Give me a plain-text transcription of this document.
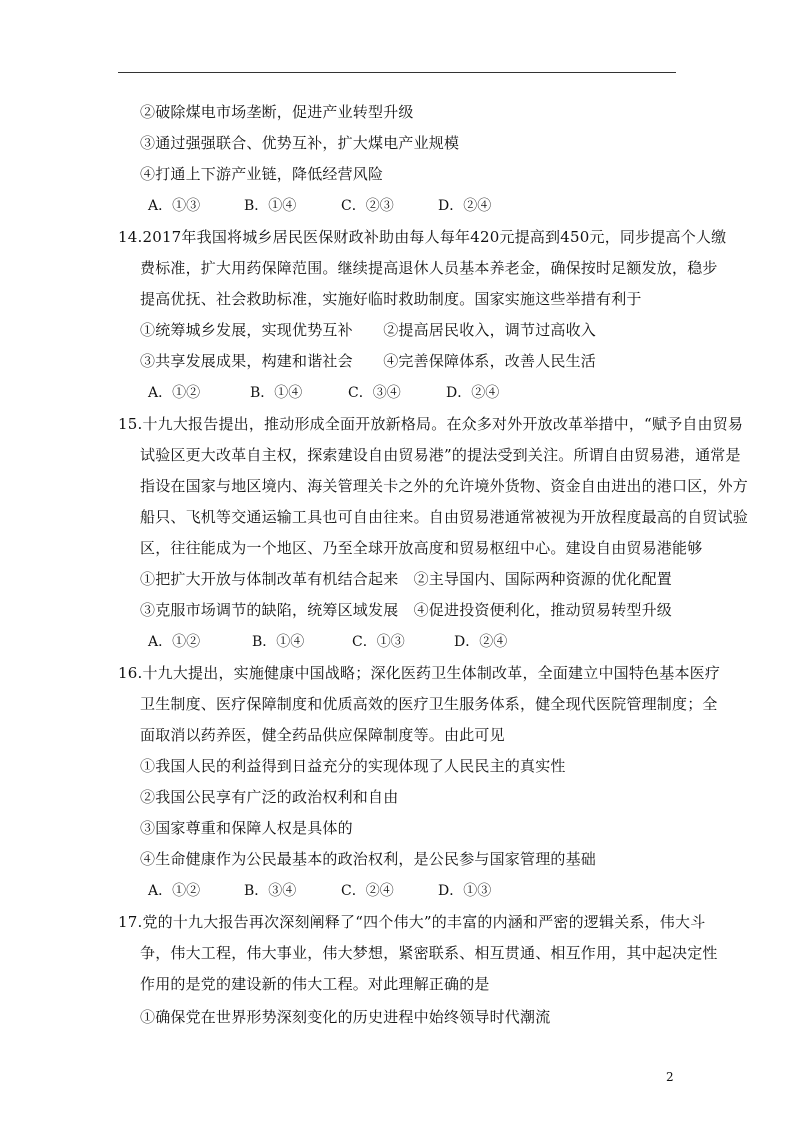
②破除煤电市场垄断，促进产业转型升级
③通过强强联合、优势互补，扩大煤电产业规模
④打通上下游产业链，降低经营风险
A．①③	B．①④	C．②③	D．②④
14.2017年我国将城乡居民医保财政补助由每人每年420元提高到450元，同步提高个人缴
费标准，扩大用药保障范围。继续提高退休人员基本养老金，确保按时足额发放，稳步
提高优抚、社会救助标准，实施好临时救助制度。国家实施这些举措有利于
①统筹城乡发展，实现优势互补　　②提高居民收入，调节过高收入
③共享发展成果，构建和谐社会　　④完善保障体系，改善人民生活
A．①②	B．①④	C．③④	D．②④
15.十九大报告提出，推动形成全面开放新格局。在众多对外开放改革举措中，“赋予自由贸易
试验区更大改革自主权，探索建设自由贸易港”的提法受到关注。所谓自由贸易港，通常是
指设在国家与地区境内、海关管理关卡之外的允许境外货物、资金自由进出的港口区，外方
船只、飞机等交通运输工具也可自由往来。自由贸易港通常被视为开放程度最高的自贸试验
区，往往能成为一个地区、乃至全球开放高度和贸易枢纽中心。建设自由贸易港能够
①把扩大开放与体制改革有机结合起来　②主导国内、国际两种资源的优化配置
③克服市场调节的缺陷，统筹区域发展　④促进投资便利化，推动贸易转型升级
A．①②	B．①④	C．①③	D．②④
16.十九大提出，实施健康中国战略；深化医药卫生体制改革，全面建立中国特色基本医疗
卫生制度、医疗保障制度和优质高效的医疗卫生服务体系，健全现代医院管理制度；全
面取消以药养医，健全药品供应保障制度等。由此可见
①我国人民的利益得到日益充分的实现体现了人民民主的真实性
②我国公民享有广泛的政治权利和自由
③国家尊重和保障人权是具体的
④生命健康作为公民最基本的政治权利，是公民参与国家管理的基础
A．①②	B．③④	C．②④	D．①③
17.党的十九大报告再次深刻阐释了“四个伟大”的丰富的内涵和严密的逻辑关系，伟大斗
争，伟大工程，伟大事业，伟大梦想，紧密联系、相互贯通、相互作用，其中起决定性
作用的是党的建设新的伟大工程。对此理解正确的是
①确保党在世界形势深刻变化的历史进程中始终领导时代潮流
2
